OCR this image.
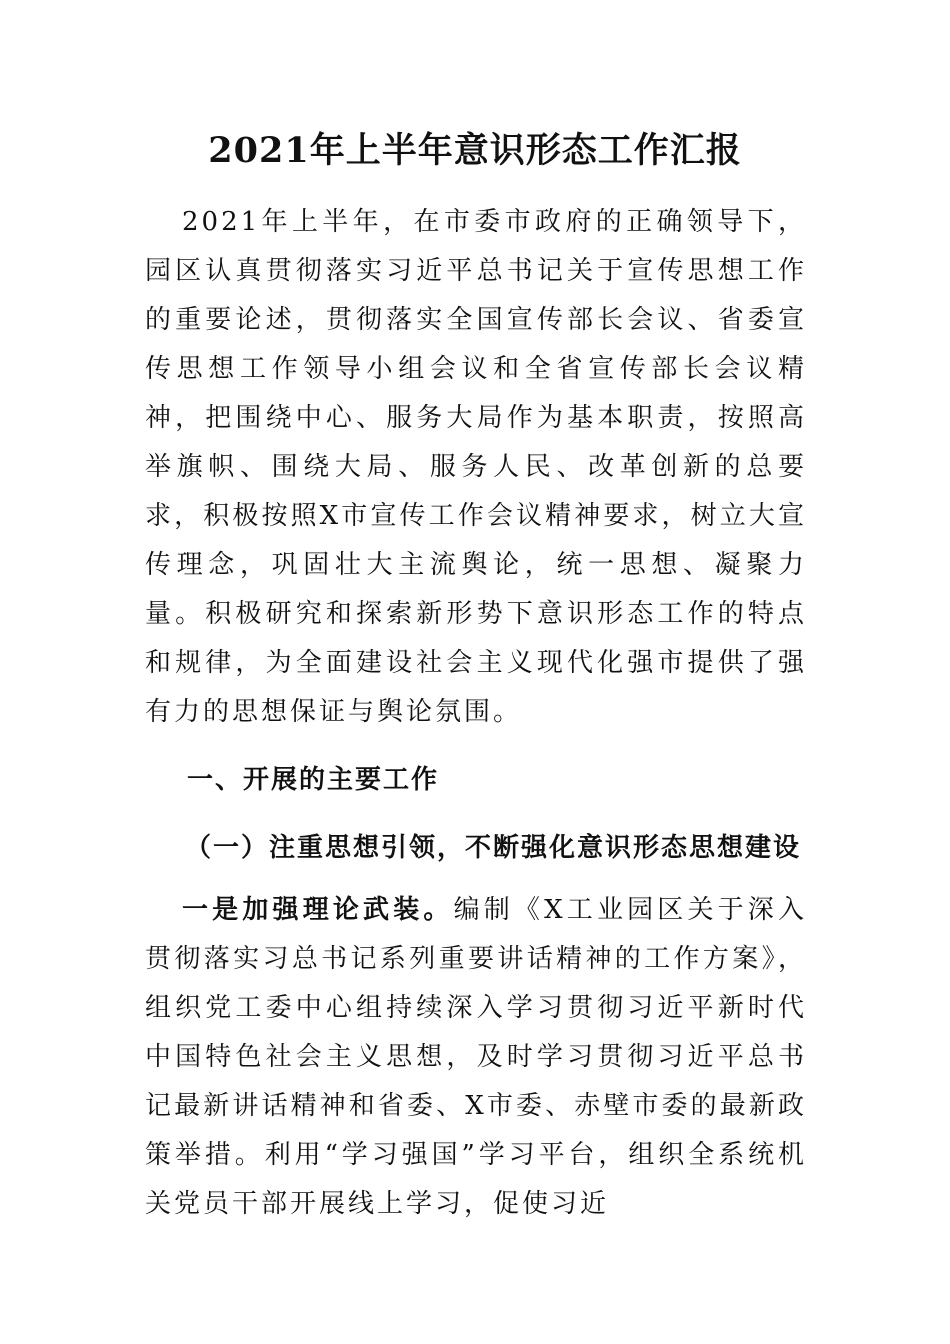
2021年上半年意识形态工作汇报

2021年上半年，在市委市政府的正确领导下，园区认真贯彻落实习近平总书记关于宣传思想工作的重要论述，贯彻落实全国宣传部长会议、省委宣传思想工作领导小组会议和全省宣传部长会议精神，把围绕中心、服务大局作为基本职责，按照高举旗帜、围绕大局、服务人民、改革创新的总要求，积极按照X市宣传工作会议精神要求，树立大宣传理念，巩固壮大主流舆论，统一思想、凝聚力量。积极研究和探索新形势下意识形态工作的特点和规律，为全面建设社会主义现代化强市提供了强有力的思想保证与舆论氛围。

一、开展的主要工作

（一）注重思想引领，不断强化意识形态思想建设

一是加强理论武装。编制《X工业园区关于深入贯彻落实习总书记系列重要讲话精神的工作方案》，组织党工委中心组持续深入学习贯彻习近平新时代中国特色社会主义思想，及时学习贯彻习近平总书记最新讲话精神和省委、X市委、赤壁市委的最新政策举措。利用“学习强国”学习平台，组织全系统机关党员干部开展线上学习，促使习近
